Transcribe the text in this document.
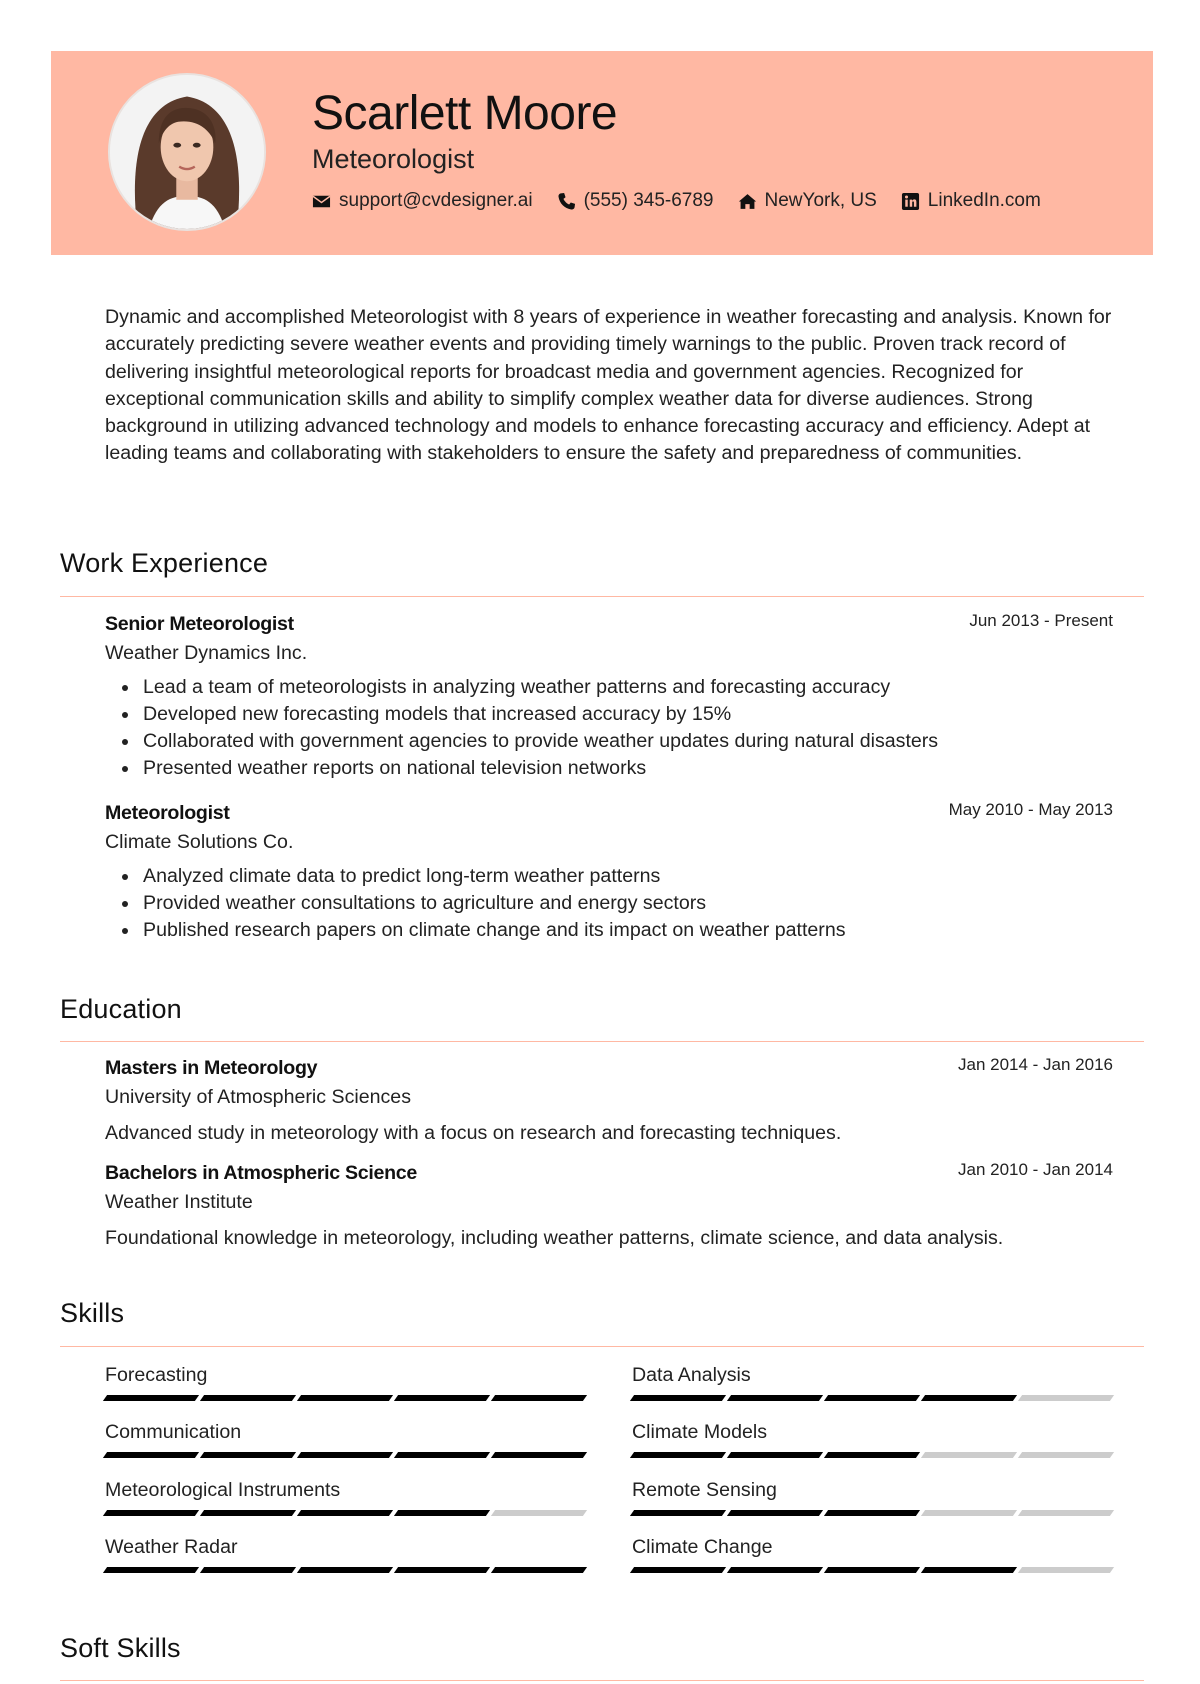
Scarlett Moore
Meteorologist
support@cvdesigner.ai	(555) 345-6789	NewYork, US	LinkedIn.com

Dynamic and accomplished Meteorologist with 8 years of experience in weather forecasting and analysis. Known for accurately predicting severe weather events and providing timely warnings to the public. Proven track record of delivering insightful meteorological reports for broadcast media and government agencies. Recognized for exceptional communication skills and ability to simplify complex weather data for diverse audiences. Strong background in utilizing advanced technology and models to enhance forecasting accuracy and efficiency. Adept at leading teams and collaborating with stakeholders to ensure the safety and preparedness of communities.

Work Experience
Senior Meteorologist	Jun 2013 - Present
Weather Dynamics Inc.
Lead a team of meteorologists in analyzing weather patterns and forecasting accuracy
Developed new forecasting models that increased accuracy by 15%
Collaborated with government agencies to provide weather updates during natural disasters
Presented weather reports on national television networks
Meteorologist	May 2010 - May 2013
Climate Solutions Co.
Analyzed climate data to predict long-term weather patterns
Provided weather consultations to agriculture and energy sectors
Published research papers on climate change and its impact on weather patterns
Education
Masters in Meteorology	Jan 2014 - Jan 2016
University of Atmospheric Sciences
Advanced study in meteorology with a focus on research and forecasting techniques.
Bachelors in Atmospheric Science	Jan 2010 - Jan 2014
Weather Institute
Foundational knowledge in meteorology, including weather patterns, climate science, and data analysis.
Skills
Forecasting	Data Analysis
Communication	Climate Models
Meteorological Instruments	Remote Sensing
Weather Radar	Climate Change
Soft Skills
